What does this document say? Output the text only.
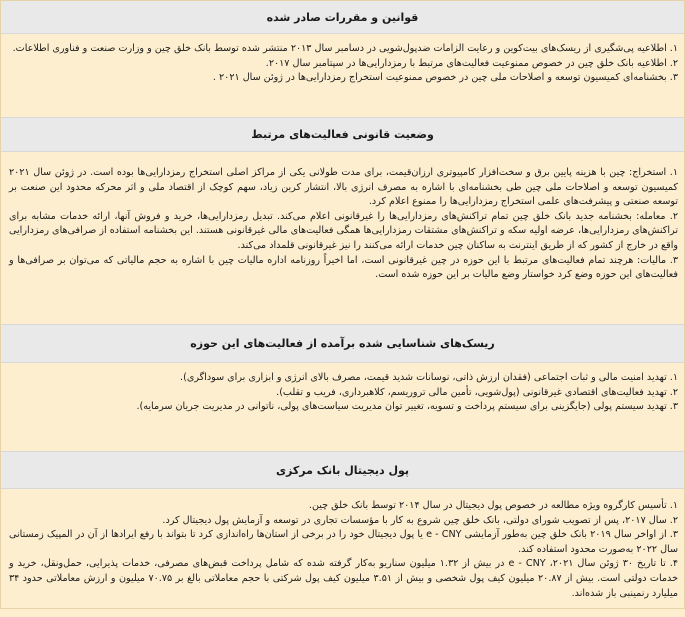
قوانین و مقررات صادر شده

۱. اطلاعیه پی‌شگیری از ریسک‌های بیت‌کوین و رعایت الزامات ضدپول‌شویی در دسامبر سال ۲۰۱۳ منتشر شده توسط بانک خلق چین و وزارت صنعت و فناوری اطلاعات.

۲. اطلاعیه بانک خلق چین در خصوص ممنوعیت فعالیت‌های مرتبط با رمزدارایی‌ها در سپتامبر سال ۲۰۱۷.

۳. بخشنامه‌ای کمیسیون توسعه و اصلاحات ملی چین در خصوص ممنوعیت استخراج رمزدارایی‌ها در ژوئن سال ۲۰۲۱ .

وضعیت قانونی فعالیت‌های مرتبط

۱. استخراج: چین با هزینه پایین برق و سخت‌افزار کامپیوتری ارزان‌قیمت، برای مدت طولانی یکی از مراکز اصلی استخراج رمزدارایی‌ها بوده است. در ژوئن سال ۲۰۲۱ کمیسیون توسعه و اصلاحات ملی چین طی بخشنامه‌ای با اشاره به مصرف انرژی بالا، انتشار کربن زیاد، سهم کوچک از اقتصاد ملی و اثر محرکه محدود این صنعت بر توسعه صنعتی و پیشرفت‌های علمی استخراج رمزدارایی‌ها را ممنوع اعلام کرد.

۲. معامله: بخشنامه جدید بانک خلق چین تمام تراکنش‌های رمزدارایی‌ها را غیرقانونی اعلام می‌کند. تبدیل رمزدارایی‌ها، خرید و فروش آنها، ارائه خدمات مشابه برای تراکنش‌های رمزدارایی‌ها، عرضه اولیه سکه و تراکنش‌های مشتقات رمزدارایی‌ها همگی فعالیت‌های مالی غیرقانونی هستند. این بخشنامه استفاده از صرافی‌های رمزدارایی واقع در خارج از کشور که از طریق اینترنت به ساکنان چین خدمات ارائه می‌کنند را نیز غیرقانونی قلمداد می‌کند.

۳. مالیات: هرچند تمام فعالیت‌های مرتبط با این حوزه در چین غیرقانونی است، اما اخیراً روزنامه اداره مالیات چین با اشاره به حجم مالیاتی که می‌توان بر صرافی‌ها و فعالیت‌های این حوزه وضع کرد خواستار وضع مالیات بر این حوزه شده است.

ریسک‌های شناسایی شده برآمده از فعالیت‌های این حوزه

۱. تهدید امنیت مالی و ثبات اجتماعی (فقدان ارزش ذاتی، نوسانات شدید قیمت، مصرف بالای انرژی و ابزاری برای سوداگری).

۲. تهدید فعالیت‌های اقتصادی غیرقانونی (پول‌شویی، تأمین مالی تروریسم، کلاهبرداری، فریب و تقلب).

۳. تهدید سیستم پولی (جایگزینی برای سیستم پرداخت و تسویه، تغییر توان مدیریت سیاست‌های پولی، ناتوانی در مدیریت جریان سرمایه).

پول دیجیتال بانک مرکزی

۱. تأسیس کارگروه ویژه مطالعه در خصوص پول دیجیتال در سال ۲۰۱۴ توسط بانک خلق چین.

۲. سال ۲۰۱۷، پس از تصویب شورای دولتی، بانک خلق چین شروع به کار با مؤسسات تجاری در توسعه و آزمایش پول دیجیتال کرد.

۳. از اواخر سال ۲۰۱۹ بانک خلق چین به‌طور آزمایشی e - CNY یا پول دیجیتال خود را در برخی از استان‌ها راه‌اندازی کرد تا بتواند با رفع ایرادها از آن در المپیک زمستانی سال ۲۰۲۲ به‌صورت محدود استفاده کند.

۴. تا تاریخ ۳۰ ژوئن سال ۲۰۲۱، e - CNY در بیش از ۱.۳۲ میلیون سناریو به‌کار گرفته شده که شامل پرداخت قبض‌های مصرفی، خدمات پذیرایی، حمل‌ونقل، خرید و خدمات دولتی است. بیش از ۲۰.۸۷ میلیون کیف پول شخصی و بیش از ۳.۵۱ میلیون کیف پول شرکتی با حجم معاملاتی بالغ بر ۷۰.۷۵ میلیون و ارزش معاملاتی حدود ۳۴ میلیارد رنمینبی باز شده‌اند.
